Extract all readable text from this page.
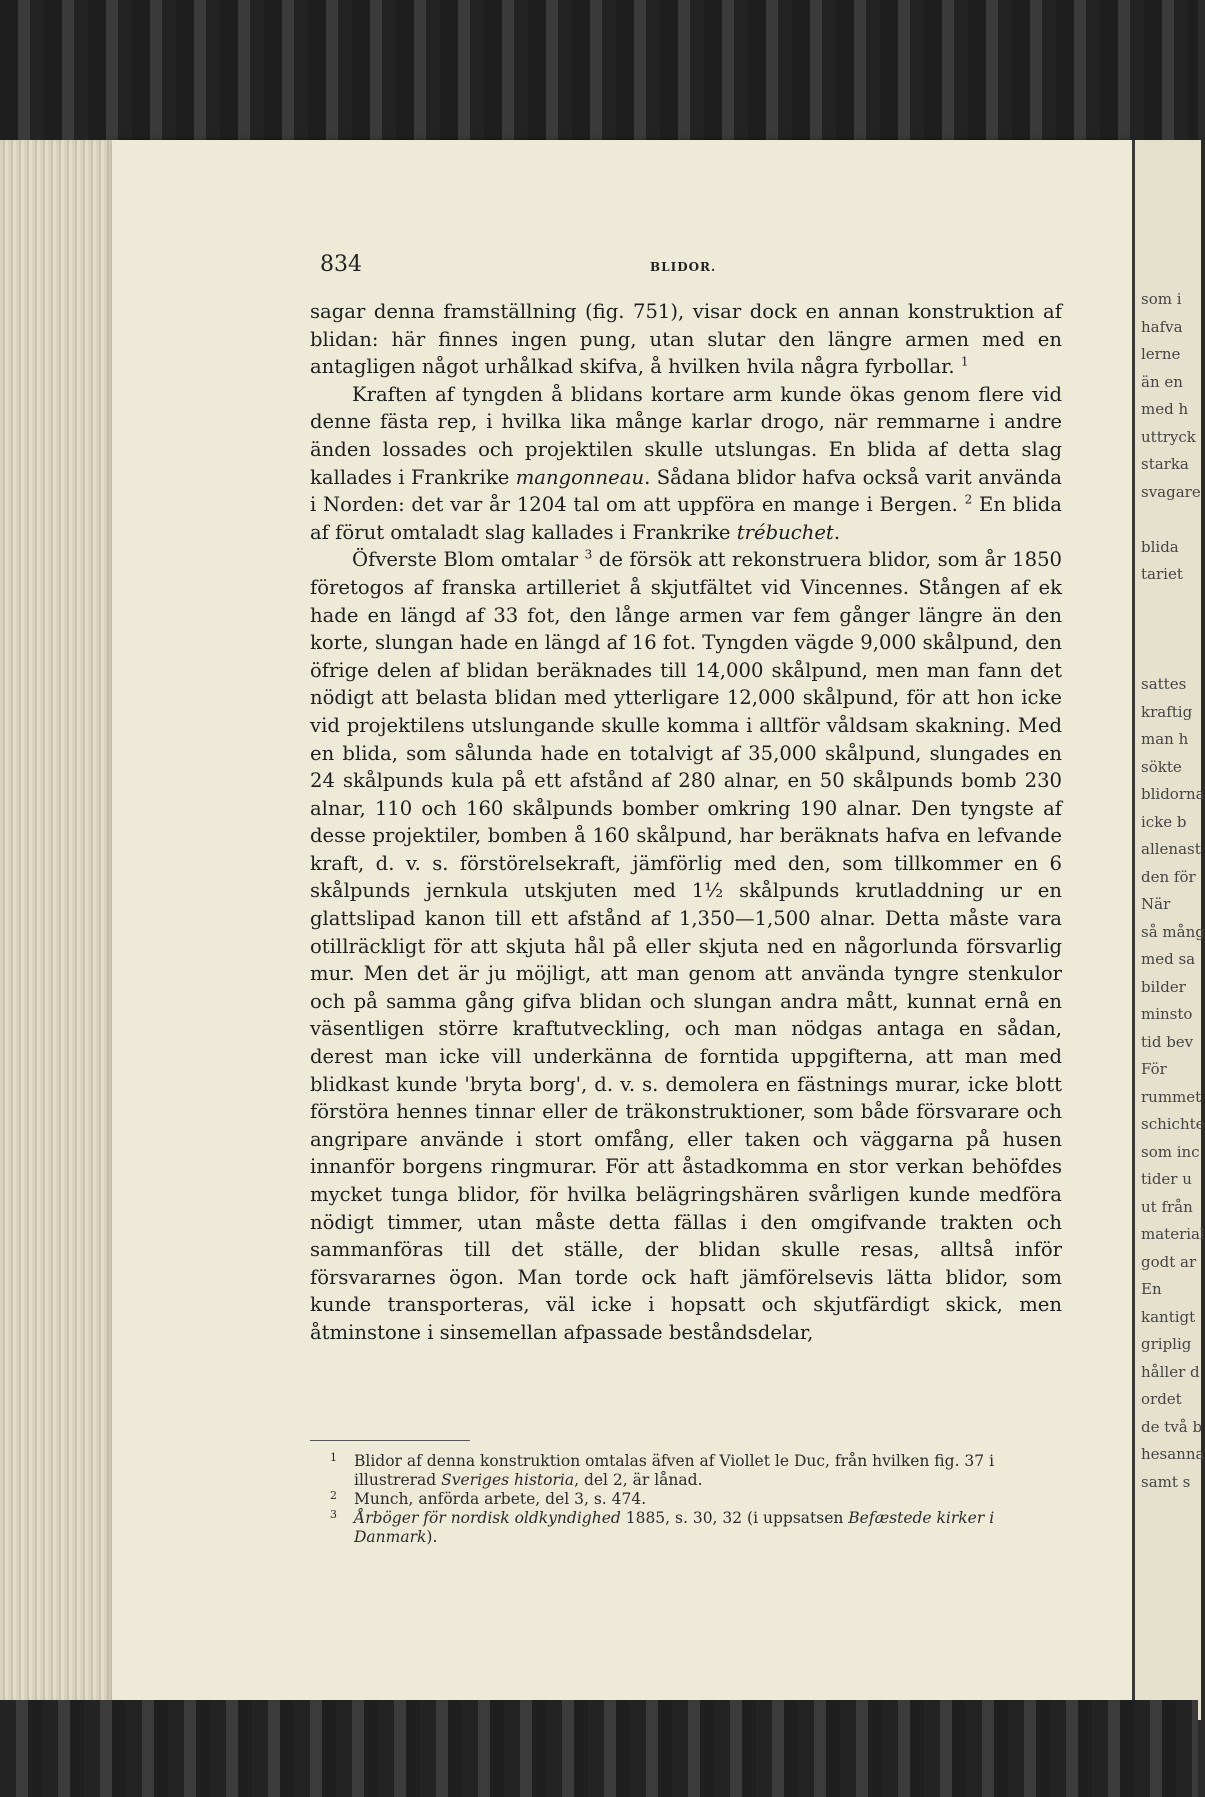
som i
hafva
lerne
än en
med h
uttryck
starka
svagare
blida
tariet
sattes
kraftig
man h
sökte
blidorna
icke b
allenast
den för
När
så mång
med sa
bilder
minsto
tid bev
För
rummet
schichte
som inc
tider u
ut från
material
godt ar
En
kantigt
griplig
håller d
ordet
de två b
hesanna
samt s
834	BLIDOR.

sagar denna framställning (fig. 751), visar dock en annan konstruktion af blidan: här finnes ingen pung, utan slutar den längre armen med en antagligen något urhålkad skifva, å hvilken hvila några fyrbollar. $^1$

Kraften af tyngden å blidans kortare arm kunde ökas genom flere vid denne fästa rep, i hvilka lika månge karlar drogo, när remmarne i andre änden lossades och projektilen skulle utslungas. En blida af detta slag kallades i Frankrike mangonneau. Sådana blidor hafva också varit använda i Norden: det var år 1204 tal om att uppföra en mange i Bergen. $^2$ En blida af förut omtaladt slag kallades i Frankrike trébuchet.

Öfverste Blom omtalar $^3$ de försök att rekonstruera blidor, som år 1850 företogos af franska artilleriet å skjutfältet vid Vincennes. Stången af ek hade en längd af 33 fot, den långe armen var fem gånger längre än den korte, slungan hade en längd af 16 fot. Tyngden vägde 9,000 skålpund, den öfrige delen af blidan beräknades till 14,000 skålpund, men man fann det nödigt att belasta blidan med ytterligare 12,000 skålpund, för att hon icke vid projektilens utslungande skulle komma i alltför våldsam skakning. Med en blida, som sålunda hade en totalvigt af 35,000 skålpund, slungades en 24 skålpunds kula på ett afstånd af 280 alnar, en 50 skålpunds bomb 230 alnar, 110 och 160 skålpunds bomber omkring 190 alnar. Den tyngste af desse projektiler, bomben å 160 skålpund, har beräknats hafva en lefvande kraft, d. v. s. förstörelsekraft, jämförlig med den, som tillkommer en 6 skålpunds jernkula utskjuten med 1½ skålpunds krutladdning ur en glattslipad kanon till ett afstånd af 1,350—1,500 alnar. Detta måste vara otillräckligt för att skjuta hål på eller skjuta ned en någorlunda försvarlig mur. Men det är ju möjligt, att man genom att använda tyngre stenkulor och på samma gång gifva blidan och slungan andra mått, kunnat ernå en väsentligen större kraftutveckling, och man nödgas antaga en sådan, derest man icke vill underkänna de forntida uppgifterna, att man med blidkast kunde 'bryta borg', d. v. s. demolera en fästnings murar, icke blott förstöra hennes tinnar eller de träkonstruktioner, som både försvarare och angripare använde i stort omfång, eller taken och väggarna på husen innanför borgens ringmurar. För att åstadkomma en stor verkan behöfdes mycket tunga blidor, för hvilka belägringshären svårligen kunde medföra nödigt timmer, utan måste detta fällas i den omgifvande trakten och sammanföras till det ställe, der blidan skulle resas, alltså inför försvararnes ögon. Man torde ock haft jämförelsevis lätta blidor, som kunde transporteras, väl icke i hopsatt och skjutfärdigt skick, men åtminstone i sinsemellan afpassade beståndsdelar,

1 Blidor af denna konstruktion omtalas äfven af Viollet le Duc, från hvilken fig. 37 i illustrerad Sveriges historia, del 2, är lånad.

2 Munch, anförda arbete, del 3, s. 474.

3 Årböger för nordisk oldkyndighed 1885, s. 30, 32 (i uppsatsen Befæstede kirker i Danmark).
